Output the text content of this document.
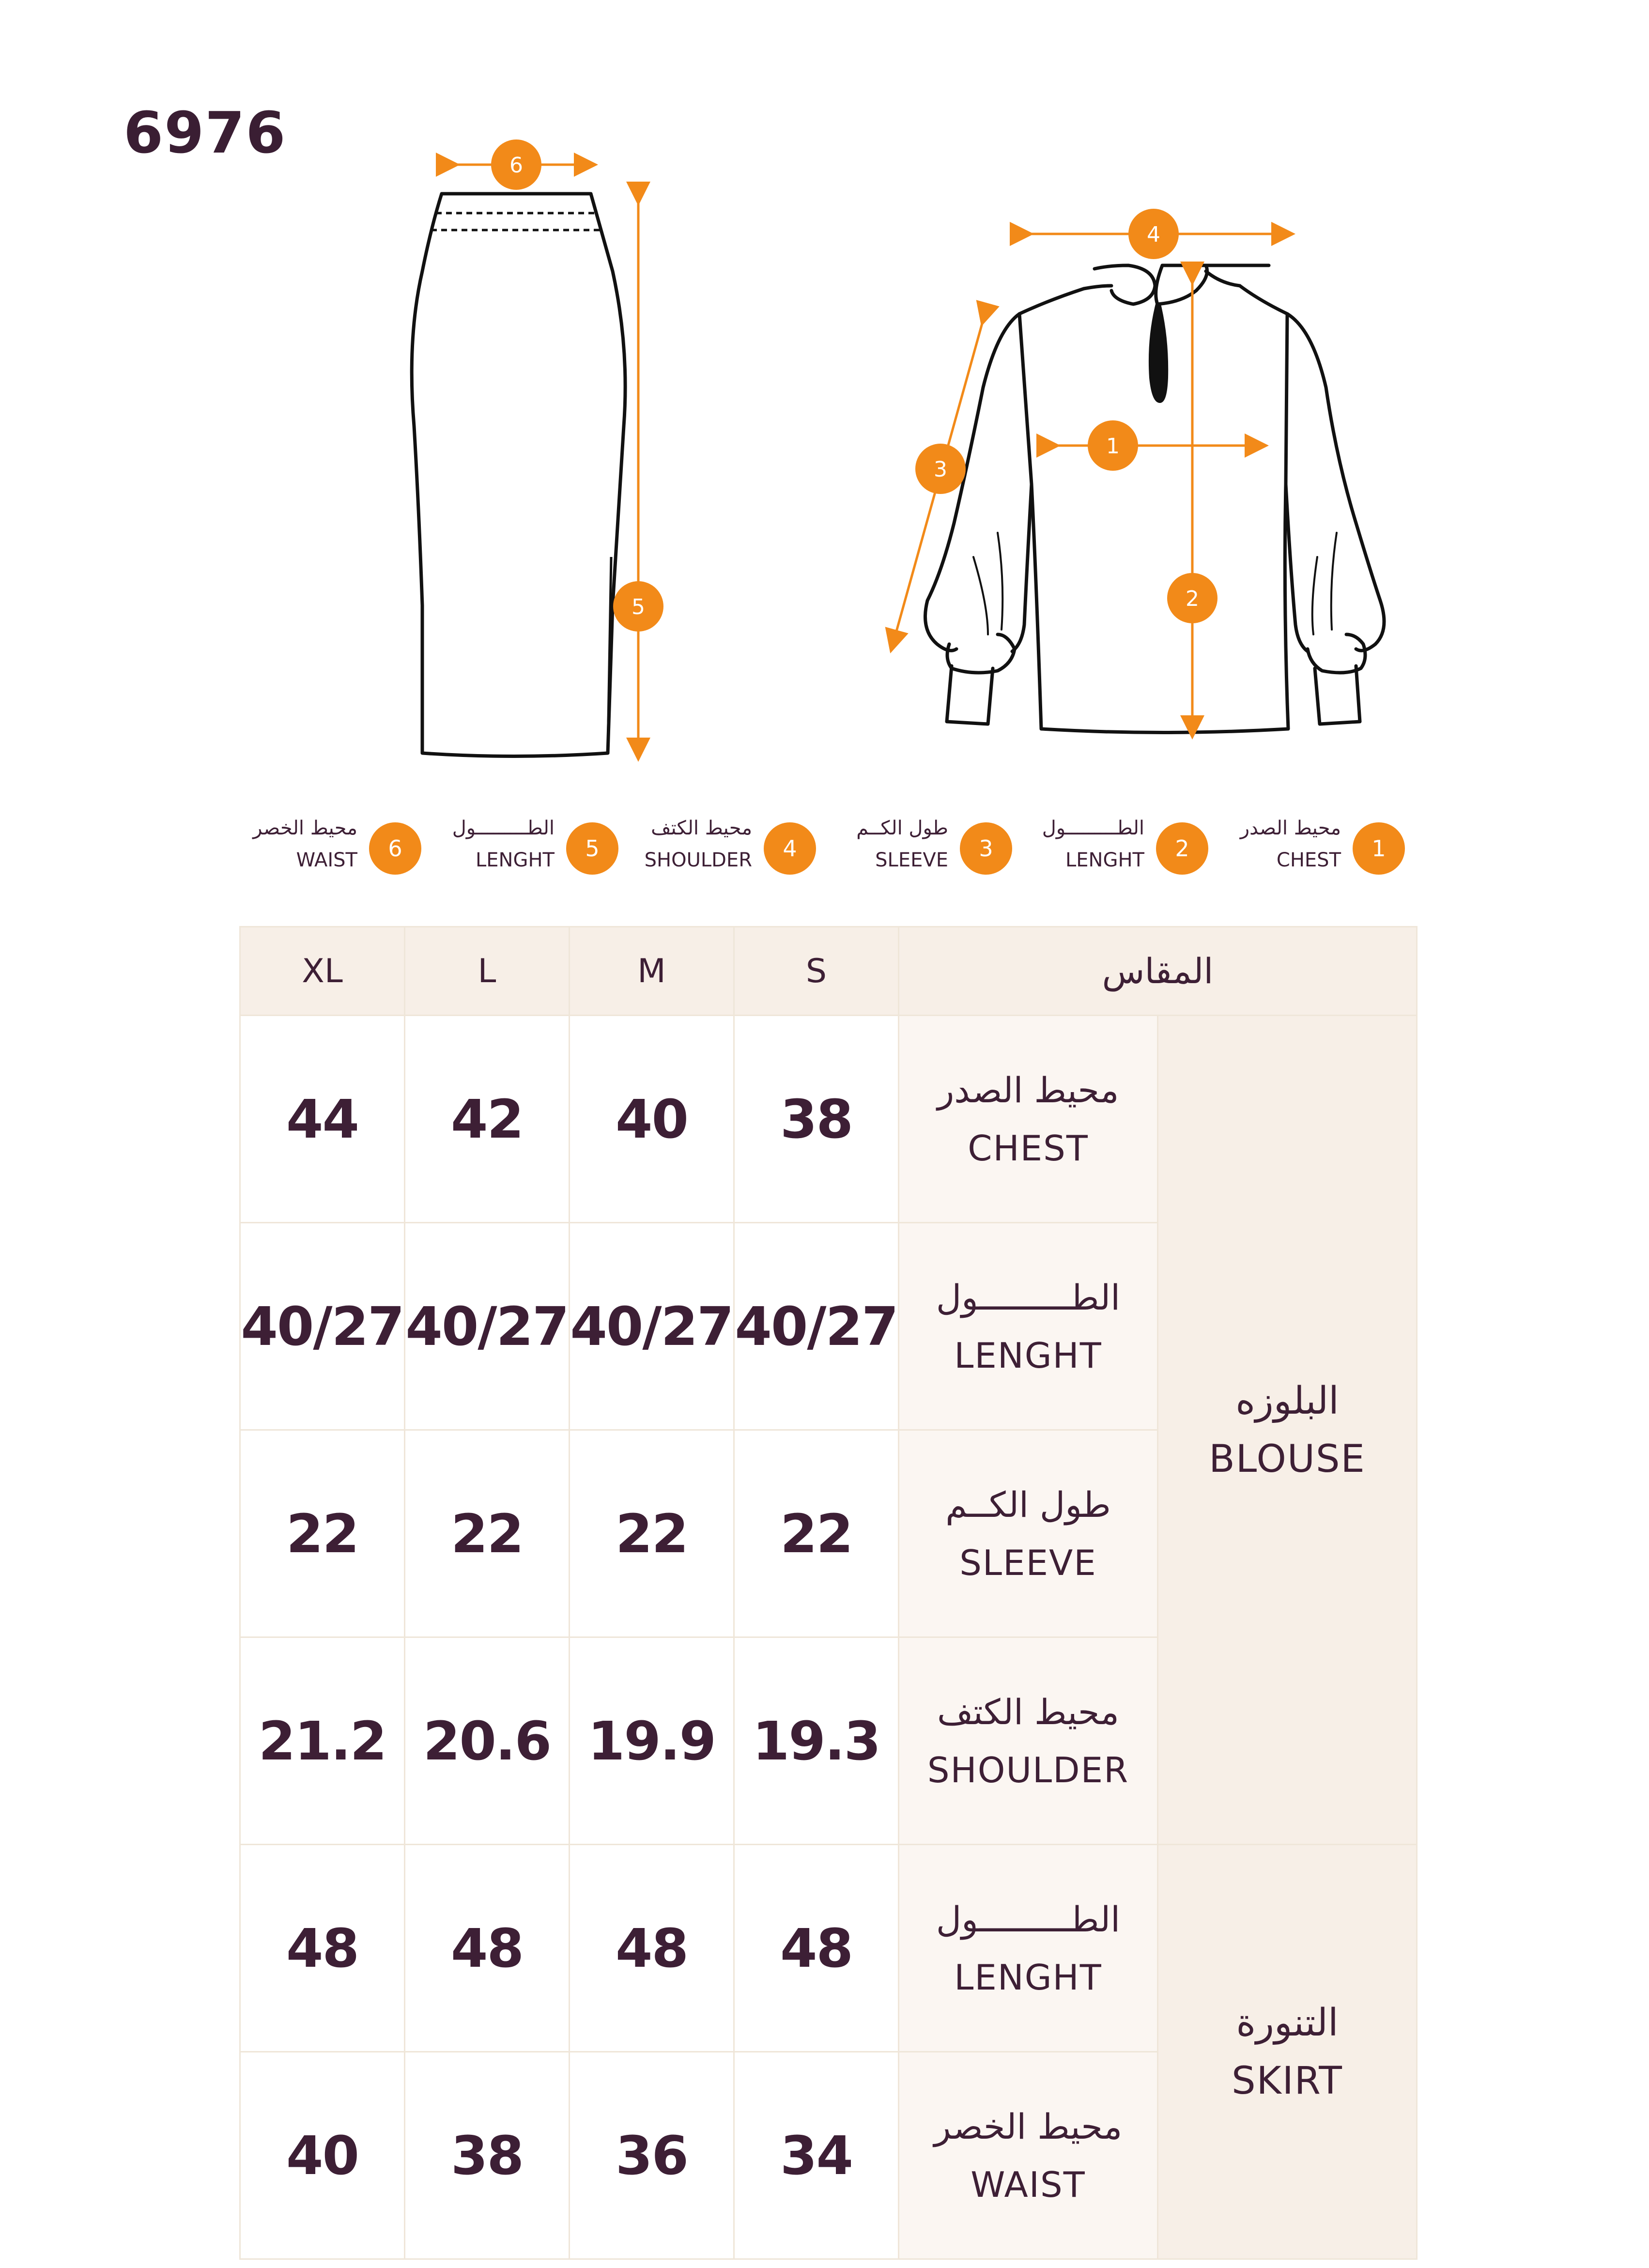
6976	6
5
4
1
3
2
6
محيط الخصر
WAIST	5
الطـــــــــول
LENGHT	4
محيط الكتف
SHOULDER	3
طول الكــم
SLEEVE	2
الطـــــــــول
LENGHT	1
محيط الصدر
CHEST
XL	L	M	S	المقاس	
44	42	40	38	محيط الصدر
CHEST	البلوزه
BLOUSE

40/27	40/27	40/27	40/27	الطـــــــــول
LENGHT	

22	22	22	22	طول الكــم
SLEEVE	

21.2	20.6	19.9	19.3	محيط الكتف
SHOULDER	

48	48	48	48	الطـــــــــول
LENGHT	التنورة
SKIRT

40	38	36	34	محيط الخصر
WAIST	
